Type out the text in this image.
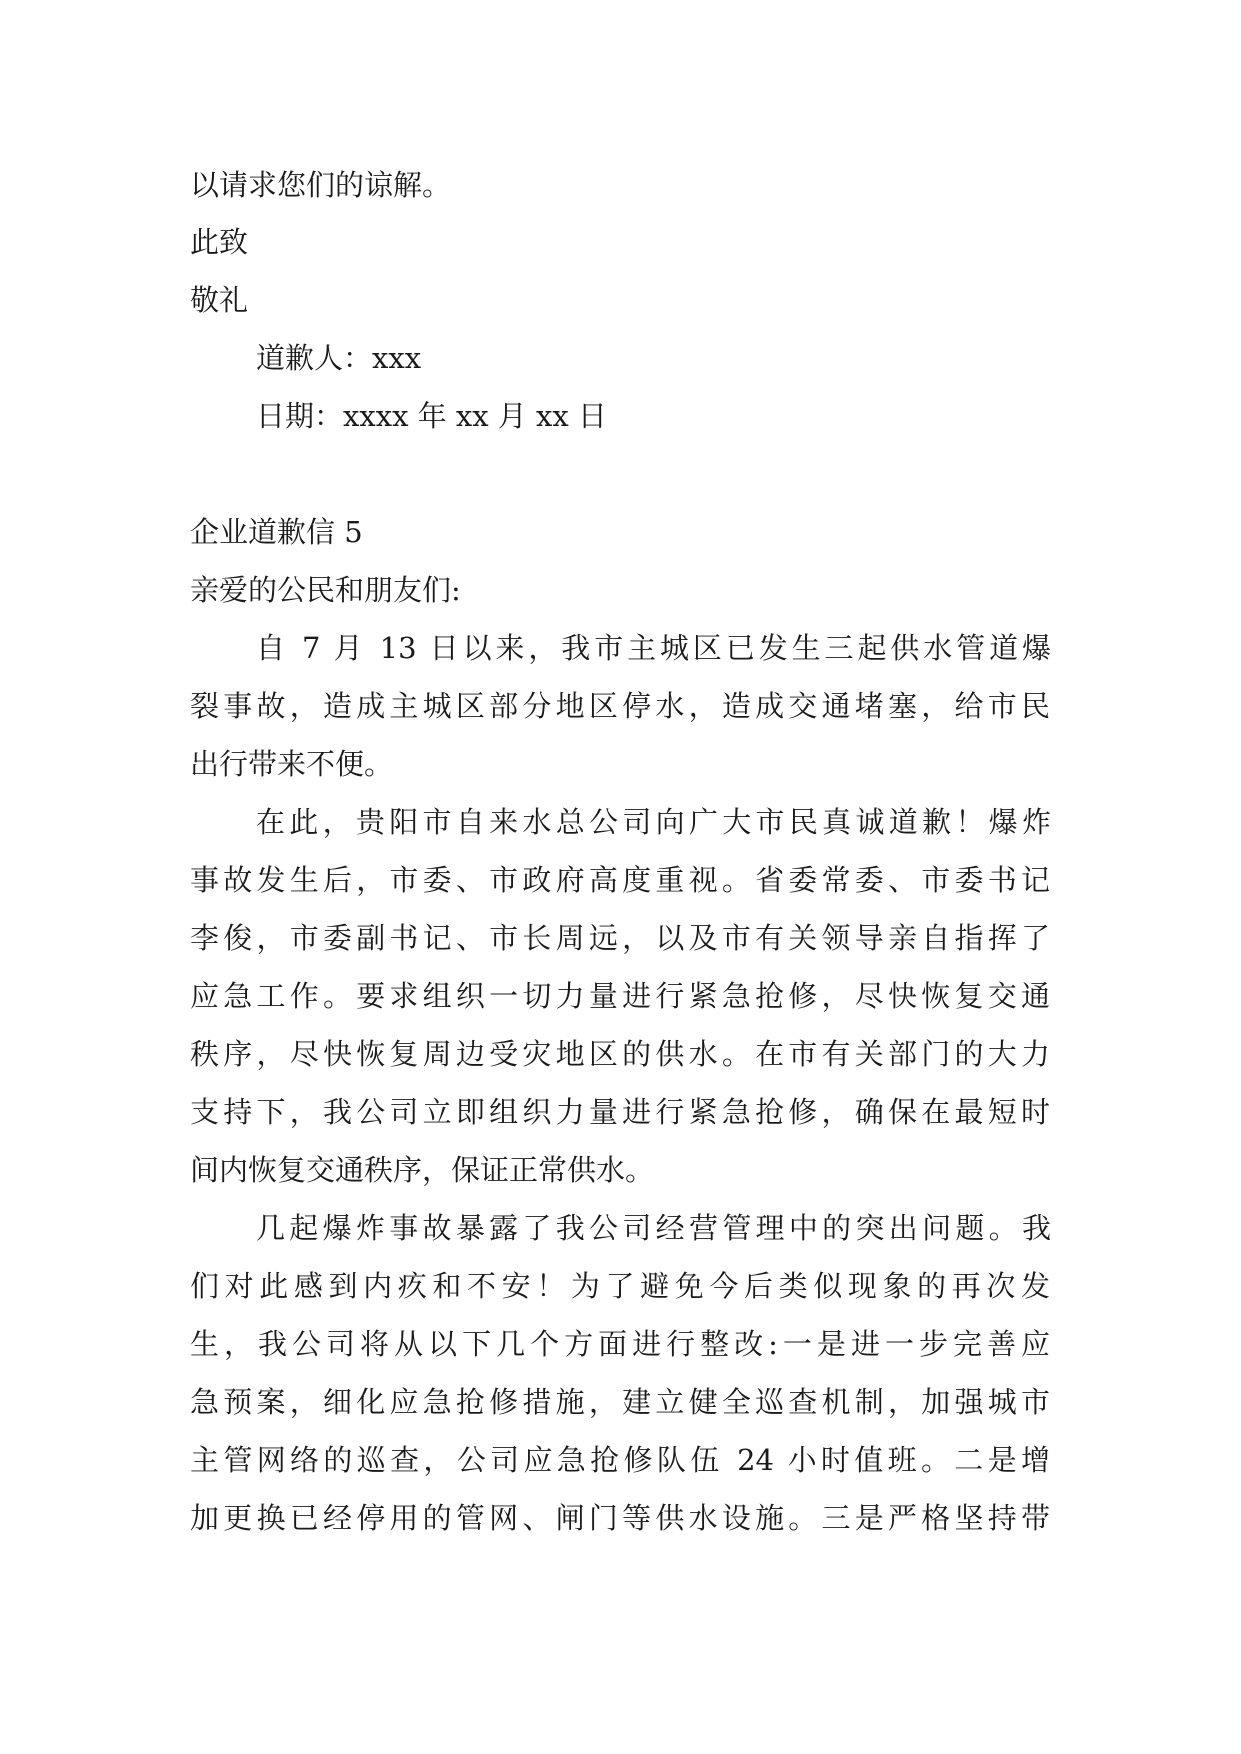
以请求您们的谅解。
此致
敬礼
道歉人：xxx
日期：xxxx 年 xx 月 xx 日
企业道歉信 5
亲爱的公民和朋友们:
自 7 月 13 日以来，我市主城区已发生三起供水管道爆
裂事故，造成主城区部分地区停水，造成交通堵塞，给市民
出行带来不便。
在此，贵阳市自来水总公司向广大市民真诚道歉！爆炸
事故发生后，市委、市政府高度重视。省委常委、市委书记
李俊，市委副书记、市长周远，以及市有关领导亲自指挥了
应急工作。要求组织一切力量进行紧急抢修，尽快恢复交通
秩序，尽快恢复周边受灾地区的供水。在市有关部门的大力
支持下，我公司立即组织力量进行紧急抢修，确保在最短时
间内恢复交通秩序，保证正常供水。
几起爆炸事故暴露了我公司经营管理中的突出问题。我
们对此感到内疚和不安！为了避免今后类似现象的再次发
生，我公司将从以下几个方面进行整改:一是进一步完善应
急预案，细化应急抢修措施，建立健全巡查机制，加强城市
主管网络的巡查，公司应急抢修队伍 24 小时值班。二是增
加更换已经停用的管网、闸门等供水设施。三是严格坚持带
